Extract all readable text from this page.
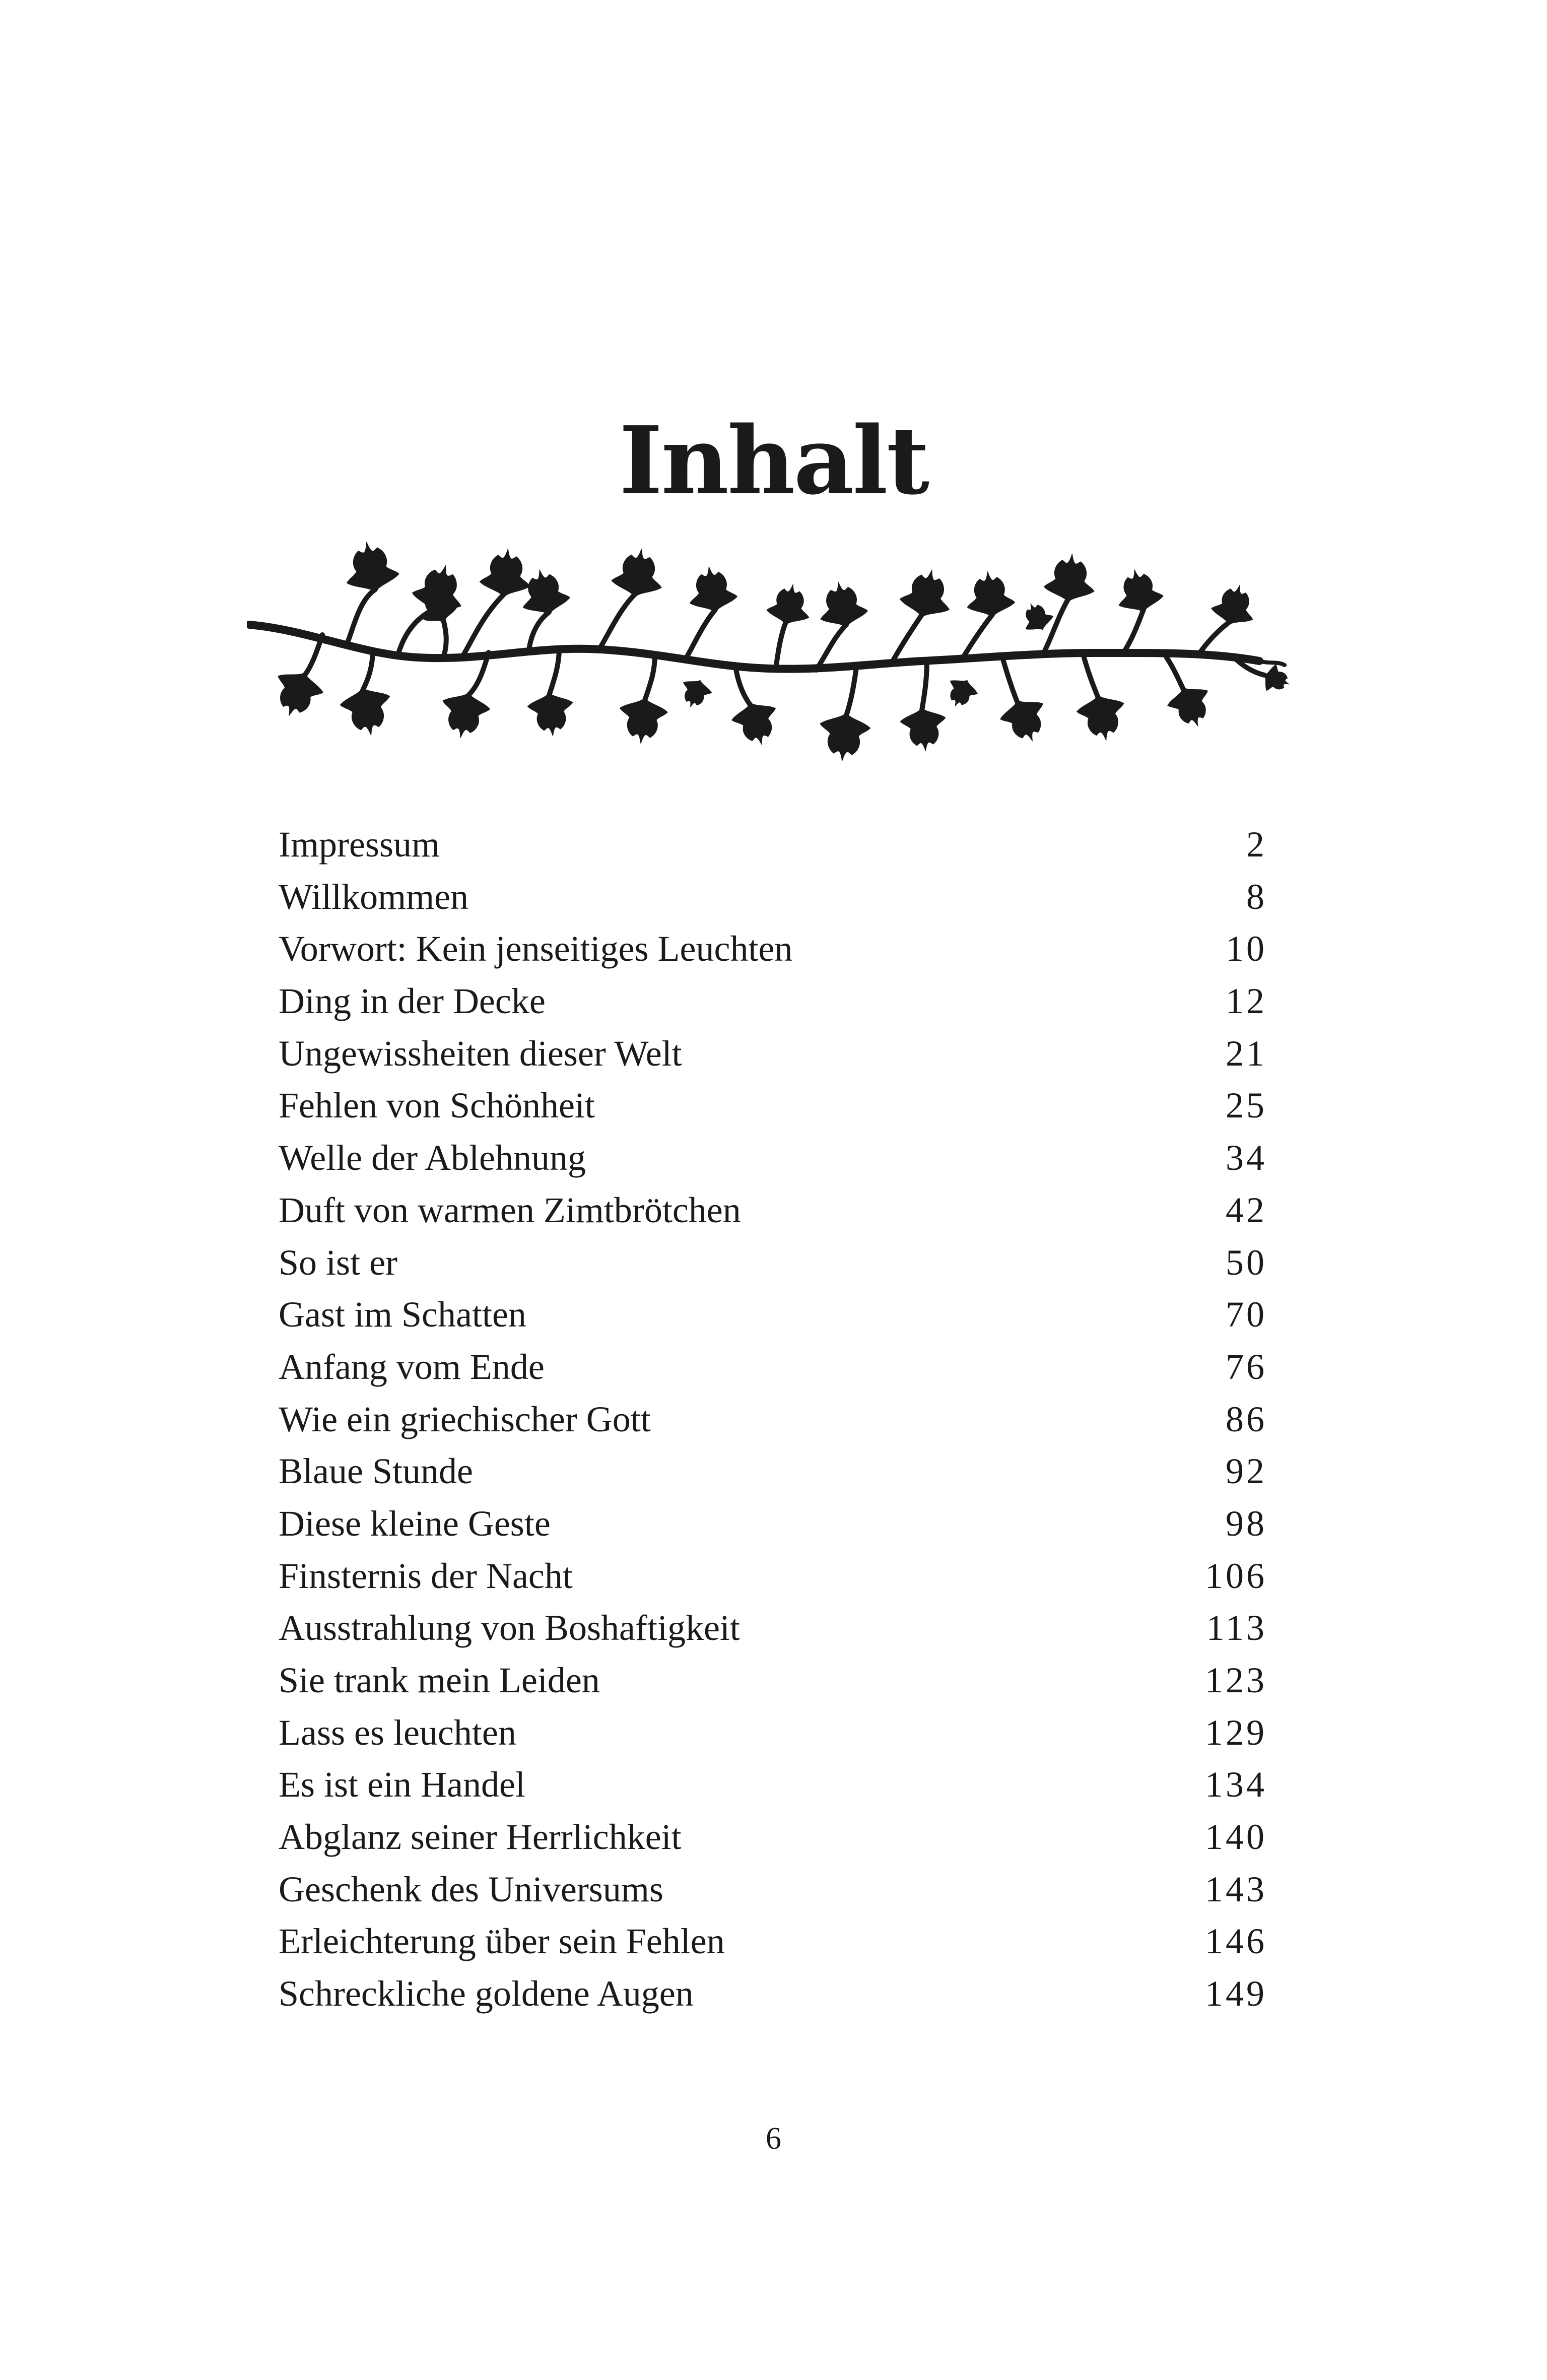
Inhalt
Impressum	2
Willkommen	8
Vorwort: Kein jenseitiges Leuchten	10
Ding in der Decke	12
Ungewissheiten dieser Welt	21
Fehlen von Schönheit	25
Welle der Ablehnung	34
Duft von warmen Zimtbrötchen	42
So ist er	50
Gast im Schatten	70
Anfang vom Ende	76
Wie ein griechischer Gott	86
Blaue Stunde	92
Diese kleine Geste	98
Finsternis der Nacht	106
Ausstrahlung von Boshaftigkeit	113
Sie trank mein Leiden	123
Lass es leuchten	129
Es ist ein Handel	134
Abglanz seiner Herrlichkeit	140
Geschenk des Universums	143
Erleichterung über sein Fehlen	146
Schreckliche goldene Augen	149
6
